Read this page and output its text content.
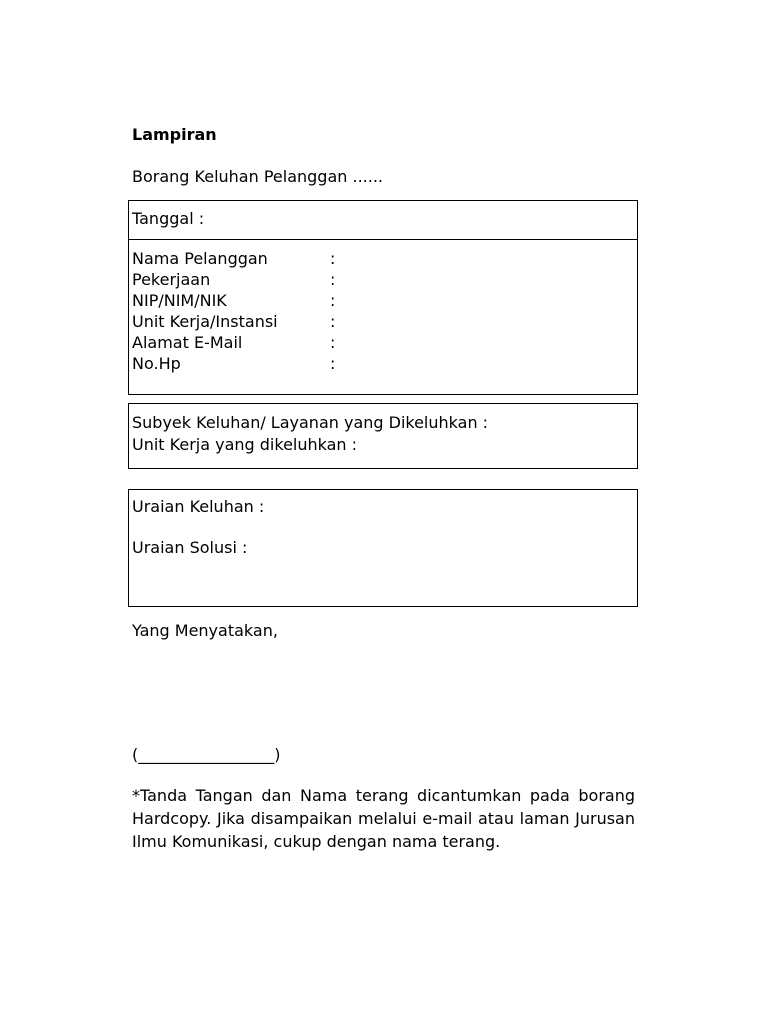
Lampiran
Borang Keluhan Pelanggan ......
Tanggal :
Nama Pelanggan	:
Pekerjaan	:
NIP/NIM/NIK	:
Unit Kerja/Instansi	:
Alamat E-Mail	:
No.Hp	:
Subyek Keluhan/ Layanan yang Dikeluhkan :
Unit Kerja yang dikeluhkan :
Uraian Keluhan :
Uraian Solusi :
Yang Menyatakan,
(_________________)
*Tanda Tangan dan Nama terang dicantumkan pada borang Hardcopy. Jika disampaikan melalui e-mail atau laman Jurusan Ilmu Komunikasi, cukup dengan nama terang.
